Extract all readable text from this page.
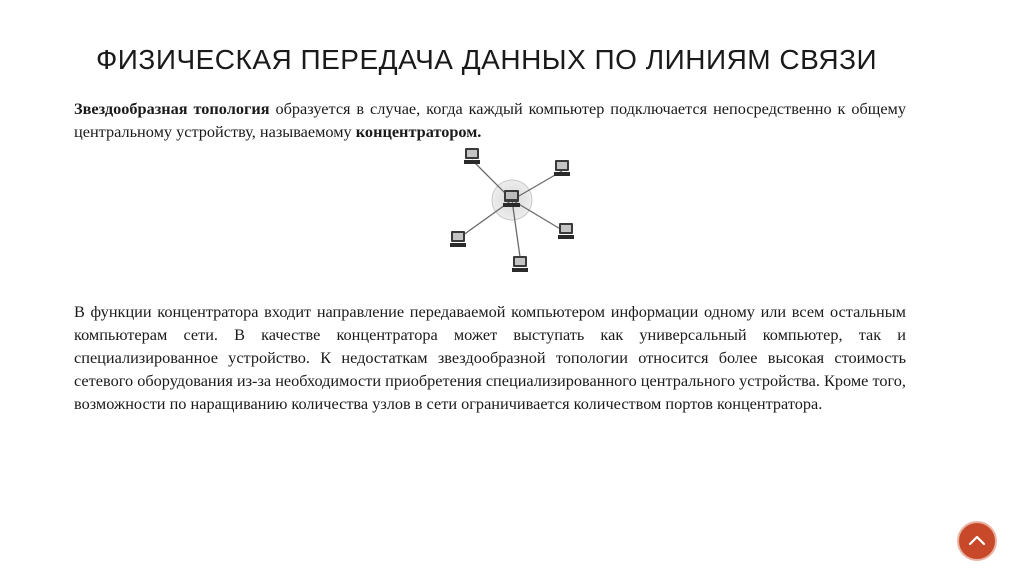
ФИЗИЧЕСКАЯ ПЕРЕДАЧА ДАННЫХ ПО ЛИНИЯМ СВЯЗИ
Звездообразная топология образуется в случае, когда каждый компьютер подключается непосредственно к общему центральному устройству, называемому концентратором.
В функции концентратора входит направление передаваемой компьютером информации одному или всем остальным компьютерам сети. В качестве концентратора может выступать как универсальный компьютер, так и специализированное устройство. К недостаткам звездообразной топологии относится более высокая стоимость сетевого оборудования из-за необходимости приобретения специализированного центрального устройства. Кроме того, возможности по наращиванию количества узлов в сети ограничивается количеством портов концентратора.
